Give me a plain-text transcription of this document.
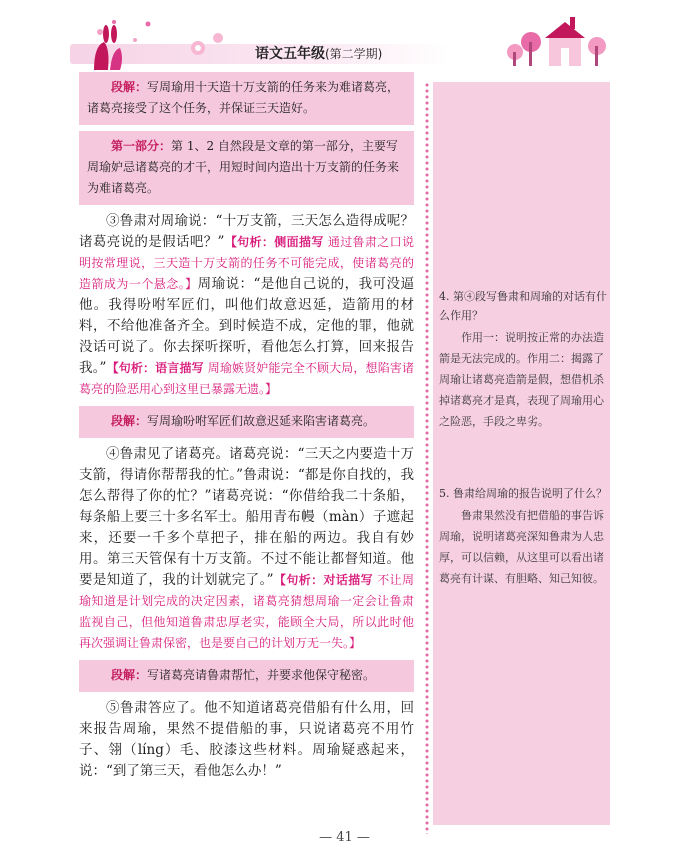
语文五年级(第二学期)
段解：写周瑜用十天造十万支箭的任务来为难诸葛亮，诸葛亮接受了这个任务，并保证三天造好。
第一部分：第 1、2 自然段是文章的第一部分，主要写周瑜妒忌诸葛亮的才干，用短时间内造出十万支箭的任务来为难诸葛亮。

③鲁肃对周瑜说：“十万支箭，三天怎么造得成呢？诸葛亮说的是假话吧？”【句析：侧面描写 通过鲁肃之口说明按常理说，三天造十万支箭的任务不可能完成，使诸葛亮的造箭成为一个悬念。】周瑜说：“是他自己说的，我可没逼他。我得吩咐军匠们，叫他们故意迟延，造箭用的材料，不给他准备齐全。到时候造不成，定他的罪，他就没话可说了。你去探听探听，看他怎么打算，回来报告我。”【句析：语言描写 周瑜嫉贤妒能完全不顾大局，想陷害诸葛亮的险恶用心到这里已暴露无遗。】

段解：写周瑜吩咐军匠们故意迟延来陷害诸葛亮。

④鲁肃见了诸葛亮。诸葛亮说：“三天之内要造十万支箭，得请你帮帮我的忙。”鲁肃说：“都是你自找的，我怎么帮得了你的忙？”诸葛亮说：“你借给我二十条船，每条船上要三十多名军士。船用青布幔（màn）子遮起来，还要一千多个草把子，排在船的两边。我自有妙用。第三天管保有十万支箭。不过不能让都督知道。他要是知道了，我的计划就完了。”【句析：对话描写 不让周瑜知道是计划完成的决定因素，诸葛亮猜想周瑜一定会让鲁肃监视自己，但他知道鲁肃忠厚老实，能顾全大局，所以此时他再次强调让鲁肃保密，也是要自己的计划万无一失。】

段解：写诸葛亮请鲁肃帮忙，并要求他保守秘密。

⑤鲁肃答应了。他不知道诸葛亮借船有什么用，回来报告周瑜，果然不提借船的事，只说诸葛亮不用竹子、翎（líng）毛、胶漆这些材料。周瑜疑惑起来，说：“到了第三天，看他怎么办！”

4. 第④段写鲁肃和周瑜的对话有什么作用？
作用一：说明按正常的办法造箭是无法完成的。作用二：揭露了周瑜让诸葛亮造箭是假，想借机杀掉诸葛亮才是真，表现了周瑜用心之险恶，手段之卑劣。
5. 鲁肃给周瑜的报告说明了什么？
鲁肃果然没有把借船的事告诉周瑜，说明诸葛亮深知鲁肃为人忠厚，可以信赖，从这里可以看出诸葛亮有计谋、有胆略、知己知彼。
— 41 —
